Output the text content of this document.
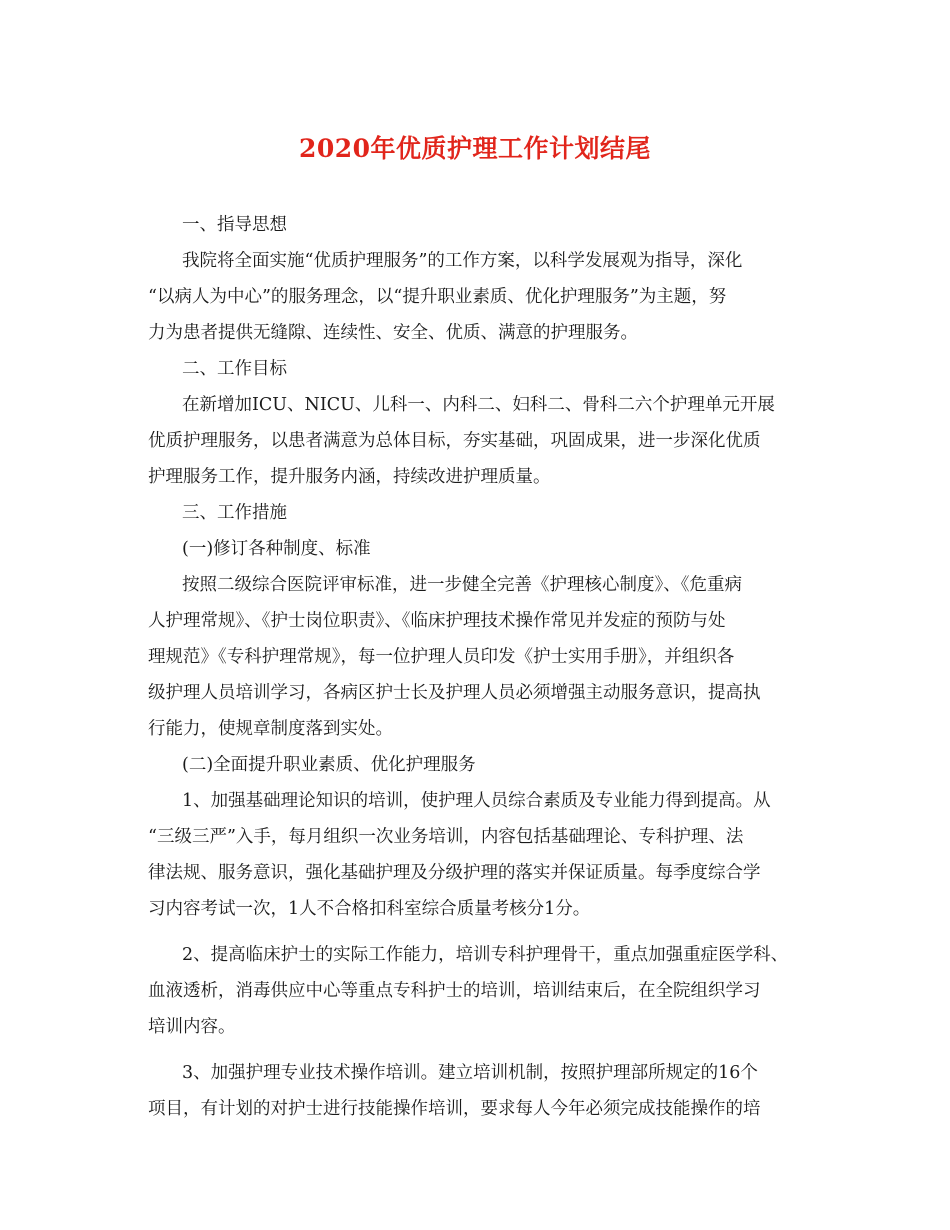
2020年优质护理工作计划结尾
一、指导思想
我院将全面实施“优质护理服务”的工作方案，以科学发展观为指导，深化
“以病人为中心”的服务理念，以“提升职业素质、优化护理服务”为主题，努
力为患者提供无缝隙、连续性、安全、优质、满意的护理服务。
二、工作目标
在新增加ICU、NICU、儿科一、内科二、妇科二、骨科二六个护理单元开展
优质护理服务，以患者满意为总体目标，夯实基础，巩固成果，进一步深化优质
护理服务工作，提升服务内涵，持续改进护理质量。
三、工作措施
(一)修订各种制度、标准
按照二级综合医院评审标准，进一步健全完善《护理核心制度》、《危重病
人护理常规》、《护士岗位职责》、《临床护理技术操作常见并发症的预防与处
理规范》《专科护理常规》，每一位护理人员印发《护士实用手册》，并组织各
级护理人员培训学习，各病区护士长及护理人员必须增强主动服务意识，提高执
行能力，使规章制度落到实处。
(二)全面提升职业素质、优化护理服务
1、加强基础理论知识的培训，使护理人员综合素质及专业能力得到提高。从
“三级三严”入手，每月组织一次业务培训，内容包括基础理论、专科护理、法
律法规、服务意识，强化基础护理及分级护理的落实并保证质量。每季度综合学
习内容考试一次，1人不合格扣科室综合质量考核分1分。
2、提高临床护士的实际工作能力，培训专科护理骨干，重点加强重症医学科、
血液透析，消毒供应中心等重点专科护士的培训，培训结束后，在全院组织学习
培训内容。
3、加强护理专业技术操作培训。建立培训机制，按照护理部所规定的16个
项目，有计划的对护士进行技能操作培训，要求每人今年必须完成技能操作的培
